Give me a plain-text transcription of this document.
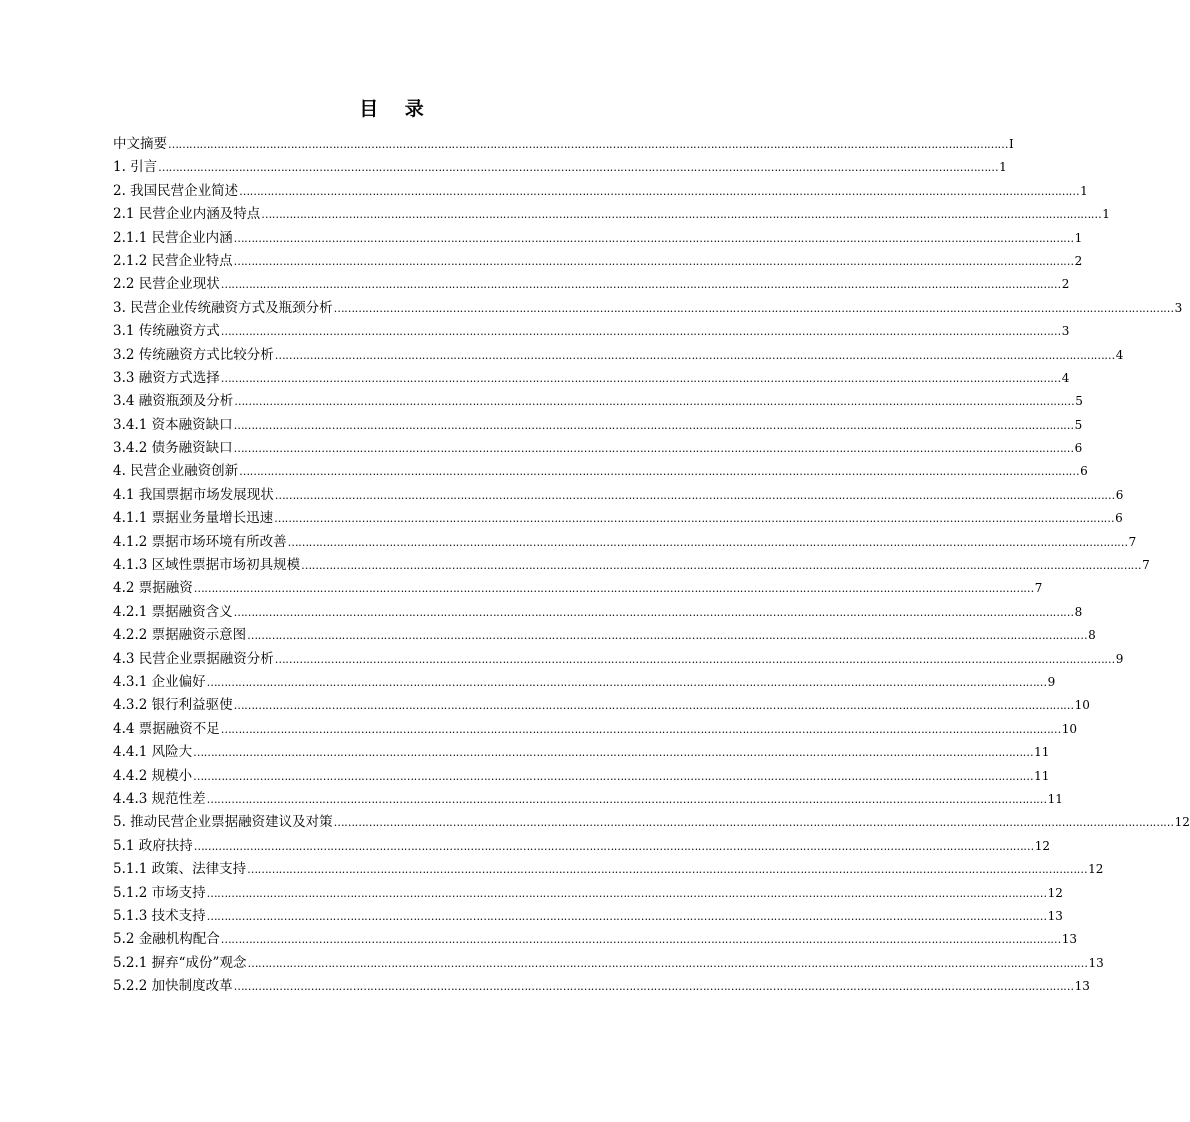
目 录
中文摘要 …………………………………………………………………………………………………………………………………………………………………………………………………………………… I
1. 引言 …………………………………………………………………………………………………………………………………………………………………………………………………………………… 1
2. 我国民营企业简述 …………………………………………………………………………………………………………………………………………………………………………………………………………………… 1
2.1 民营企业内涵及特点 …………………………………………………………………………………………………………………………………………………………………………………………………………………… 1
2.1.1 民营企业内涵 …………………………………………………………………………………………………………………………………………………………………………………………………………………… 1
2.1.2 民营企业特点 …………………………………………………………………………………………………………………………………………………………………………………………………………………… 2
2.2 民营企业现状 …………………………………………………………………………………………………………………………………………………………………………………………………………………… 2
3. 民营企业传统融资方式及瓶颈分析 …………………………………………………………………………………………………………………………………………………………………………………………………………………… 3
3.1 传统融资方式 …………………………………………………………………………………………………………………………………………………………………………………………………………………… 3
3.2 传统融资方式比较分析 …………………………………………………………………………………………………………………………………………………………………………………………………………………… 4
3.3 融资方式选择 …………………………………………………………………………………………………………………………………………………………………………………………………………………… 4
3.4 融资瓶颈及分析 …………………………………………………………………………………………………………………………………………………………………………………………………………………… 5
3.4.1 资本融资缺口 …………………………………………………………………………………………………………………………………………………………………………………………………………………… 5
3.4.2 债务融资缺口 …………………………………………………………………………………………………………………………………………………………………………………………………………………… 6
4. 民营企业融资创新 …………………………………………………………………………………………………………………………………………………………………………………………………………………… 6
4.1 我国票据市场发展现状 …………………………………………………………………………………………………………………………………………………………………………………………………………………… 6
4.1.1 票据业务量增长迅速 …………………………………………………………………………………………………………………………………………………………………………………………………………………… 6
4.1.2 票据市场环境有所改善 …………………………………………………………………………………………………………………………………………………………………………………………………………………… 7
4.1.3 区域性票据市场初具规模 …………………………………………………………………………………………………………………………………………………………………………………………………………………… 7
4.2 票据融资 …………………………………………………………………………………………………………………………………………………………………………………………………………………… 7
4.2.1 票据融资含义 …………………………………………………………………………………………………………………………………………………………………………………………………………………… 8
4.2.2 票据融资示意图 …………………………………………………………………………………………………………………………………………………………………………………………………………………… 8
4.3 民营企业票据融资分析 …………………………………………………………………………………………………………………………………………………………………………………………………………………… 9
4.3.1 企业偏好 …………………………………………………………………………………………………………………………………………………………………………………………………………………… 9
4.3.2 银行利益驱使 …………………………………………………………………………………………………………………………………………………………………………………………………………………… 10
4.4 票据融资不足 …………………………………………………………………………………………………………………………………………………………………………………………………………………… 10
4.4.1 风险大 …………………………………………………………………………………………………………………………………………………………………………………………………………………… 11
4.4.2 规模小 …………………………………………………………………………………………………………………………………………………………………………………………………………………… 11
4.4.3 规范性差 …………………………………………………………………………………………………………………………………………………………………………………………………………………… 11
5. 推动民营企业票据融资建议及对策 …………………………………………………………………………………………………………………………………………………………………………………………………………………… 12
5.1 政府扶持 …………………………………………………………………………………………………………………………………………………………………………………………………………………… 12
5.1.1 政策、法律支持 …………………………………………………………………………………………………………………………………………………………………………………………………………………… 12
5.1.2 市场支持 …………………………………………………………………………………………………………………………………………………………………………………………………………………… 12
5.1.3 技术支持 …………………………………………………………………………………………………………………………………………………………………………………………………………………… 13
5.2 金融机构配合 …………………………………………………………………………………………………………………………………………………………………………………………………………………… 13
5.2.1 摒弃“成份”观念 …………………………………………………………………………………………………………………………………………………………………………………………………………………… 13
5.2.2 加快制度改革 …………………………………………………………………………………………………………………………………………………………………………………………………………………… 13
